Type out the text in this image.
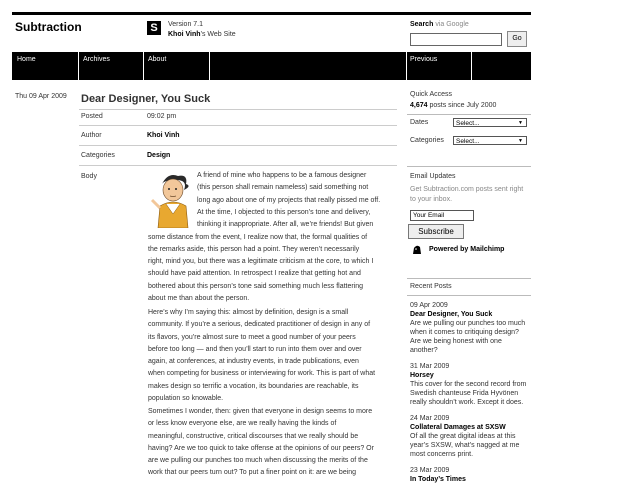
Subtraction	S	Version 7.1
Khoi Vinh’s Web Site
Search via Google
Go
Home	Archives	About	Previous
Thu 09 Apr 2009	Dear Designer, You Suck
Posted	09:02 pm
Author	Khoi Vinh
Categories	Design
Body	A friend of mine who happens to be a famous designer
(this person shall remain nameless) said something not
long ago about one of my projects that really pissed me off.
At the time, I objected to this person’s tone and delivery,
thinking it inappropriate. After all, we’re friends! But given
some distance from the event, I realize now that, the formal qualities of
the remarks aside, this person had a point. They weren’t necessarily
right, mind you, but there was a legitimate criticism at the core, to which I
should have paid attention. In retrospect I realize that getting hot and
bothered about this person’s tone said something much less flattering
about me than about the person.
Here’s why I’m saying this: almost by definition, design is a small
community. If you’re a serious, dedicated practitioner of design in any of
its flavors, you’re almost sure to meet a good number of your peers
before too long — and then you’ll start to run into them over and over
again, at conferences, at industry events, in trade publications, even
when competing for business or interviewing for work. This is part of what
makes design so terrific a vocation, its boundaries are reachable, its
population so knowable.
Sometimes I wonder, then: given that everyone in design seems to more
or less know everyone else, are we really having the kinds of
meaningful, constructive, critical discourses that we really should be
having? Are we too quick to take offense at the opinions of our peers? Or
are we pulling our punches too much when discussing the merits of the
work that our peers turn out? To put a finer point on it: are we being
Quick Access
4,674 posts since July 2000
Dates	Select...	▼
Categories	Select...	▼
Email Updates
Get Subtraction.com posts sent right to your inbox.
Your Email
Subscribe
Powered by Mailchimp
Recent Posts
09 Apr 2009
Dear Designer, You Suck
Are we pulling our punches too much when it comes to critiquing design? Are we being honest with one another?
31 Mar 2009
Horsey
This cover for the second record from Swedish chanteuse Frida Hyvönen really shouldn’t work. Except it does.
24 Mar 2009
Collateral Damages at SXSW
Of all the great digital ideas at this year’s SXSW, what’s nagged at me most concerns print.
23 Mar 2009
In Today’s Times
